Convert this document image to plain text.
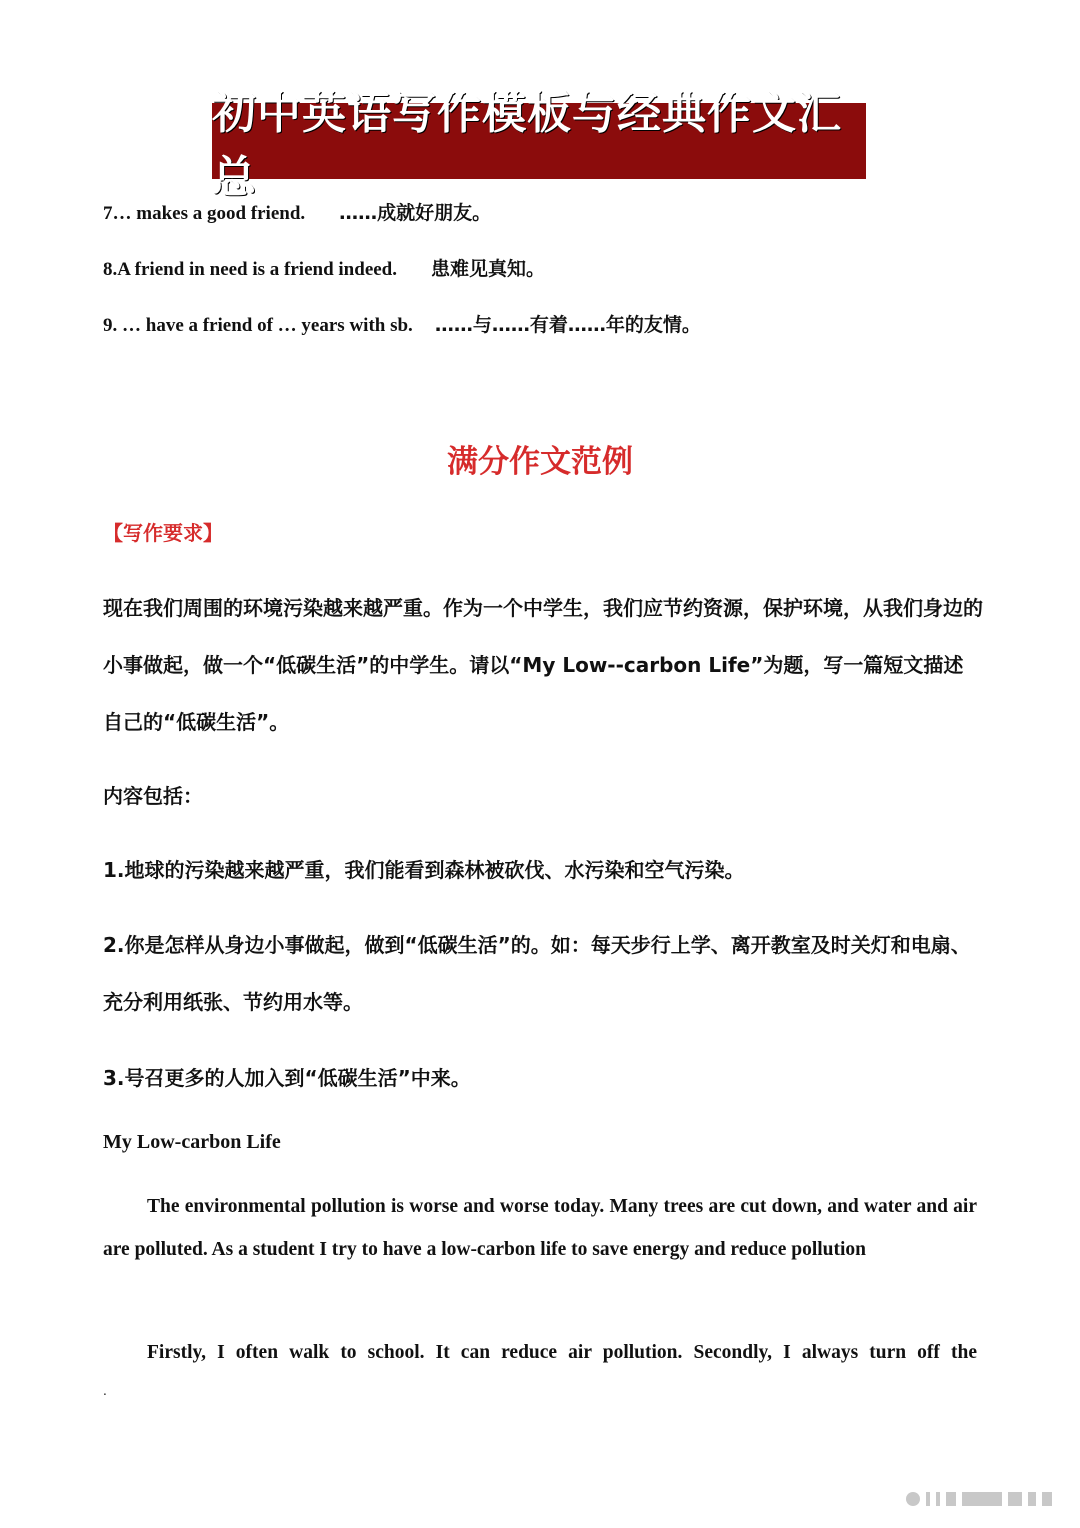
初中英语写作模板与经典作文汇总
7… makes a good friend. ……成就好朋友。
8.A friend in need is a friend indeed. 患难见真知。
9. … have a friend of … years with sb. ……与……有着……年的友情。
满分作文范例
【写作要求】
现在我们周围的环境污染越来越严重。作为一个中学生，我们应节约资源，保护环境，从我们身边的小事做起，做一个“低碳生活”的中学生。请以“My Low--carbon Life”为题，写一篇短文描述自己的“低碳生活”。
内容包括：
1.地球的污染越来越严重，我们能看到森林被砍伐、水污染和空气污染。
2.你是怎样从身边小事做起，做到“低碳生活”的。如：每天步行上学、离开教室及时关灯和电扇、充分利用纸张、节约用水等。
3.号召更多的人加入到“低碳生活”中来。
My Low-carbon Life
The environmental pollution is worse and worse today. Many trees are cut down, and water and air are polluted. As a student I try to have a low-carbon life to save energy and reduce pollution
Firstly, I often walk to school. It can reduce air pollution. Secondly, I always turn off the
.
